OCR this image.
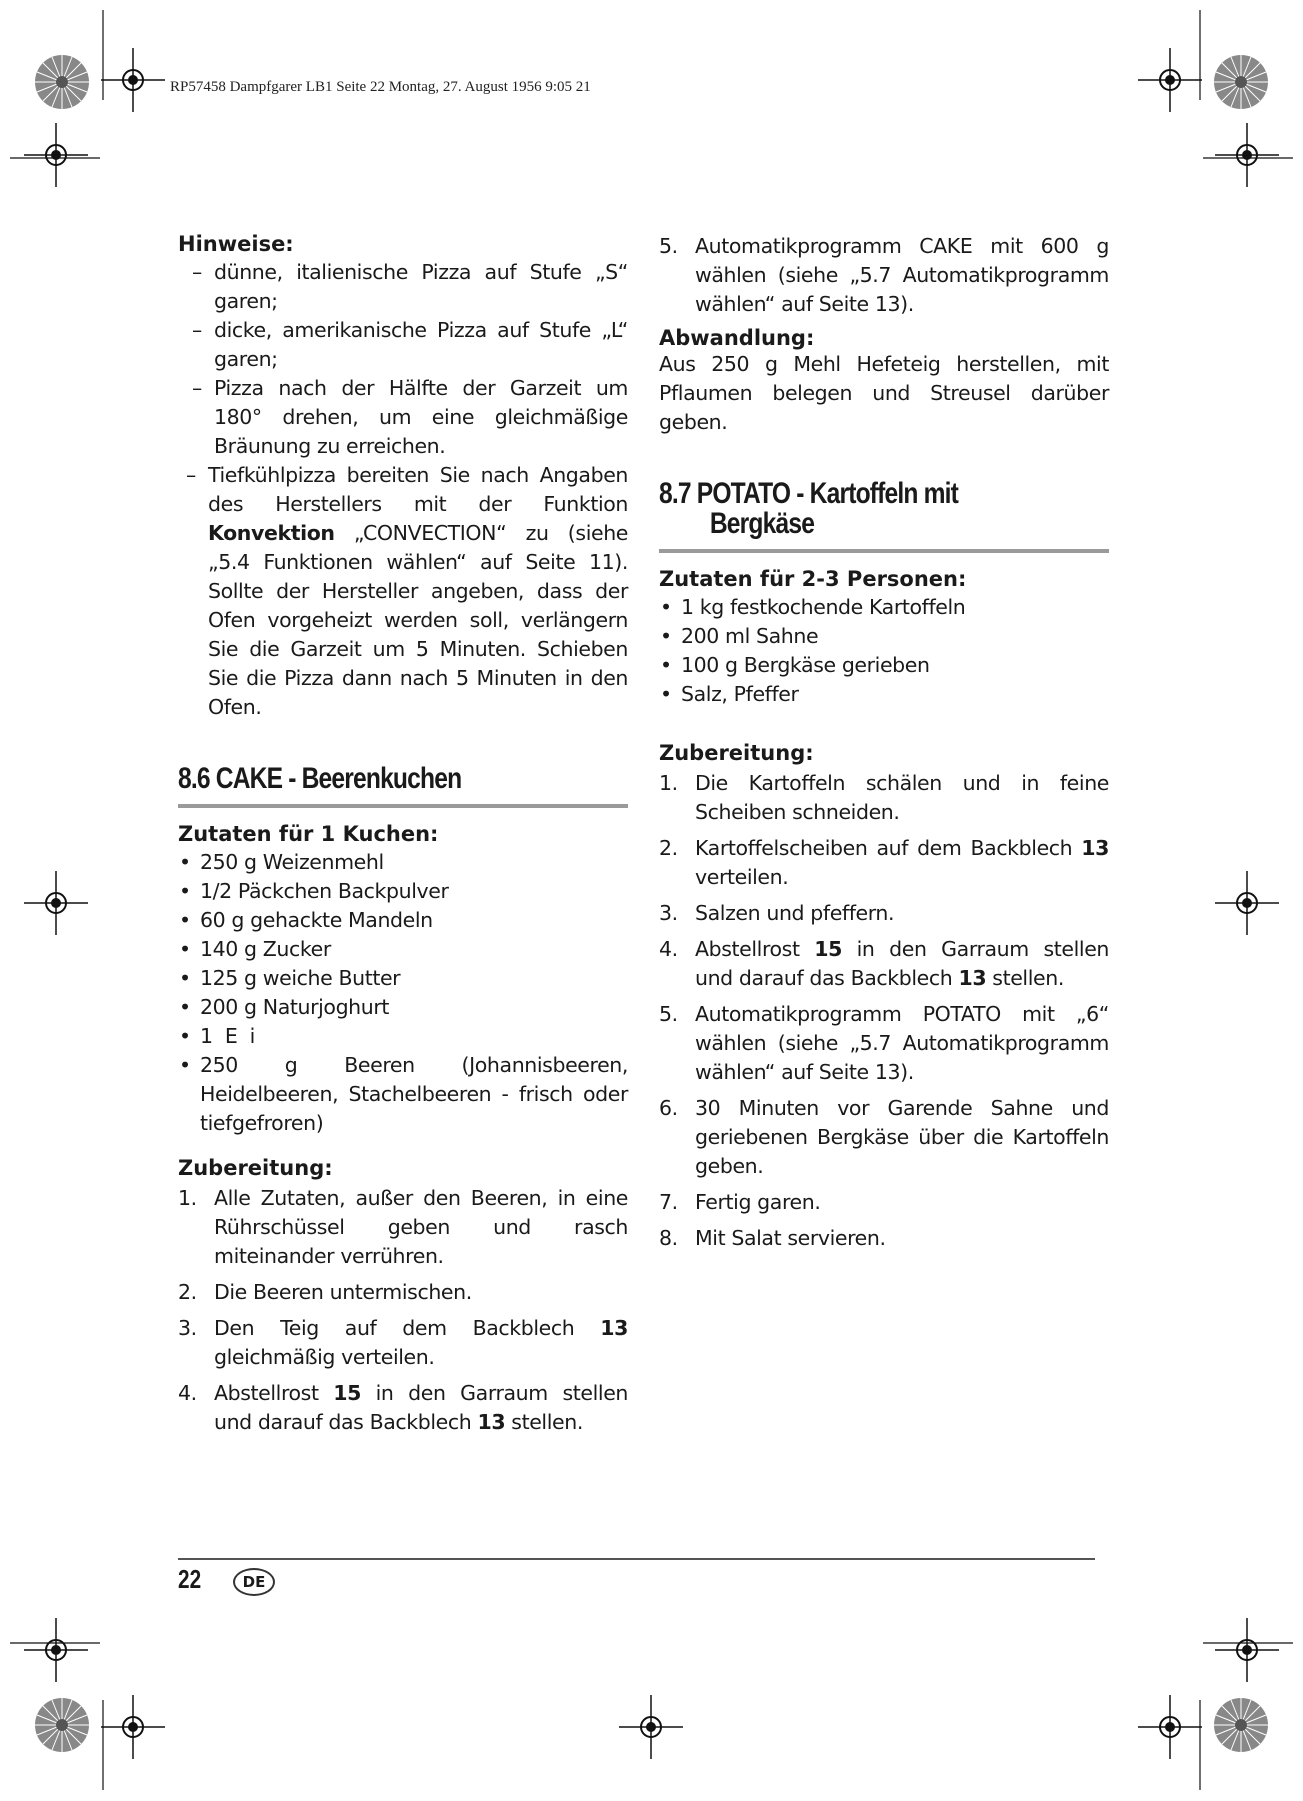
RP57458 Dampfgarer LB1 Seite 22 Montag, 27. August 1956 9:05 21
Hinweise:
– dünne, italienische Pizza auf Stufe „S“ garen;
– dicke, amerikanische Pizza auf Stufe „L“ garen;
– Pizza nach der Hälfte der Garzeit um 180° drehen, um eine gleichmäßige Bräunung zu erreichen.
– Tiefkühlpizza bereiten Sie nach Angaben des Herstellers mit der Funktion Konvektion „CONVECTION“ zu (siehe „5.4 Funktionen wählen“ auf Seite 11). Sollte der Hersteller angeben, dass der Ofen vorgeheizt werden soll, verlängern Sie die Garzeit um 5 Minuten. Schieben Sie die Pizza dann nach 5 Minuten in den Ofen.
8.6 CAKE - Beerenkuchen
Zutaten für 1 Kuchen:
• 250 g Weizenmehl
• 1/2 Päckchen Backpulver
• 60 g gehackte Mandeln
• 140 g Zucker
• 125 g weiche Butter
• 200 g Naturjoghurt
• 1  E  i
• 250 g Beeren (Johannisbeeren, Heidelbeeren, Stachelbeeren - frisch oder tiefgefroren)
Zubereitung:
1. Alle Zutaten, außer den Beeren, in eine Rührschüssel geben und rasch miteinander verrühren.
2. Die Beeren untermischen.
3. Den Teig auf dem Backblech 13 gleichmäßig verteilen.
4. Abstellrost 15 in den Garraum stellen und darauf das Backblech 13 stellen.
5. Automatikprogramm CAKE mit 600 g wählen (siehe „5.7 Automatikprogramm wählen“ auf Seite 13).
Abwandlung:

Aus 250 g Mehl Hefeteig herstellen, mit Pflaumen belegen und Streusel darüber geben.

8.7 POTATO - Kartoffeln mit
Bergkäse
Zutaten für 2-3 Personen:
• 1 kg festkochende Kartoffeln
• 200 ml Sahne
• 100 g Bergkäse gerieben
• Salz, Pfeffer
Zubereitung:
1. Die Kartoffeln schälen und in feine Scheiben schneiden.
2. Kartoffelscheiben auf dem Backblech 13 verteilen.
3. Salzen und pfeffern.
4. Abstellrost 15 in den Garraum stellen und darauf das Backblech 13 stellen.
5. Automatikprogramm POTATO mit „6“ wählen (siehe „5.7 Automatikprogramm wählen“ auf Seite 13).
6. 30 Minuten vor Garende Sahne und geriebenen Bergkäse über die Kartoffeln geben.
7. Fertig garen.
8. Mit Salat servieren.
22	DE
